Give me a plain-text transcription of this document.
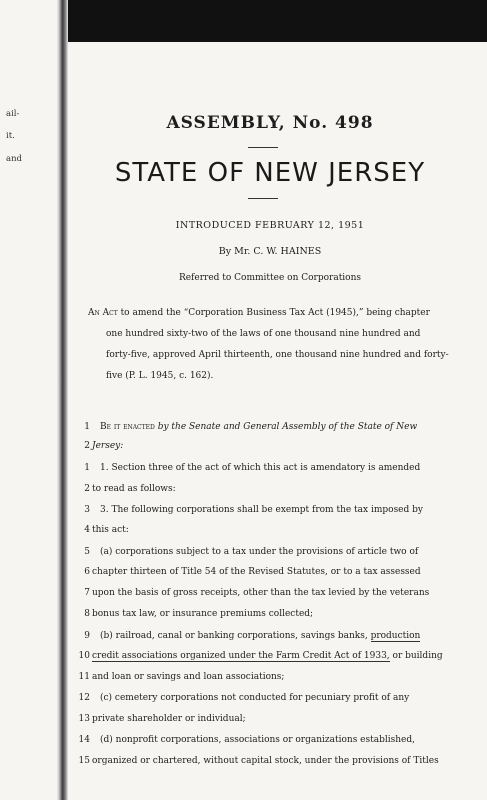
ail-
it.
and
ASSEMBLY, No. 498
STATE OF NEW JERSEY
INTRODUCED FEBRUARY 12, 1951
By Mr. C. W. HAINES
Referred to Committee on Corporations
An Act to amend the “Corporation Business Tax Act (1945),” being chapter
one hundred sixty-two of the laws of one thousand nine hundred and
forty-five, approved April thirteenth, one thousand nine hundred and forty-
five (P. L. 1945, c. 162).
1 Be it enacted by the Senate and General Assembly of the State of New
2 Jersey:
1 1. Section three of the act of which this act is amendatory is amended
2 to read as follows:
3 3. The following corporations shall be exempt from the tax imposed by
4 this act:
5 (a) corporations subject to a tax under the provisions of article two of
6 chapter thirteen of Title 54 of the Revised Statutes, or to a tax assessed
7 upon the basis of gross receipts, other than the tax levied by the veterans
8 bonus tax law, or insurance premiums collected;
9 (b) railroad, canal or banking corporations, savings banks, production
10 credit associations organized under the Farm Credit Act of 1933, or building
11 and loan or savings and loan associations;
12 (c) cemetery corporations not conducted for pecuniary profit of any
13 private shareholder or individual;
14 (d) nonprofit corporations, associations or organizations established,
15 organized or chartered, without capital stock, under the provisions of Titles
